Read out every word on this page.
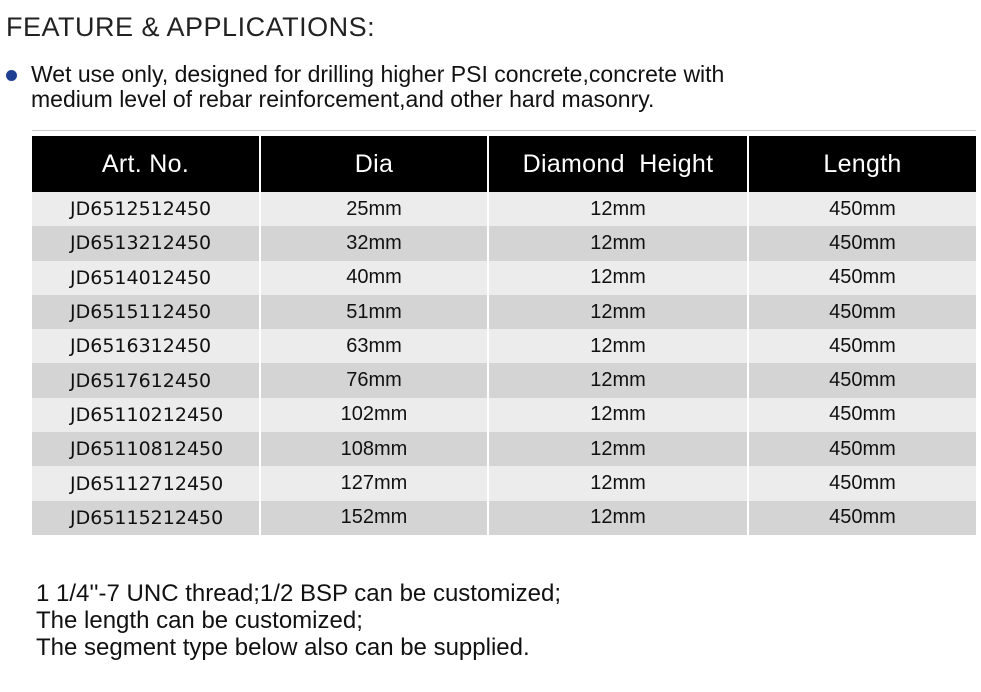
FEATURE & APPLICATIONS:
Wet use only, designed for drilling higher PSI concrete,concrete with
medium level of rebar reinforcement,and other hard masonry.
Art. No.	Dia	Diamond  Height	Length
JD6512512450	25mm	12mm	450mm
JD6513212450	32mm	12mm	450mm
JD6514012450	40mm	12mm	450mm
JD6515112450	51mm	12mm	450mm
JD6516312450	63mm	12mm	450mm
JD6517612450	76mm	12mm	450mm
JD65110212450	102mm	12mm	450mm
JD65110812450	108mm	12mm	450mm
JD65112712450	127mm	12mm	450mm
JD65115212450	152mm	12mm	450mm
1 1/4''-7 UNC thread;1/2 BSP can be customized;
The length can be customized;
The segment type below also can be supplied.
